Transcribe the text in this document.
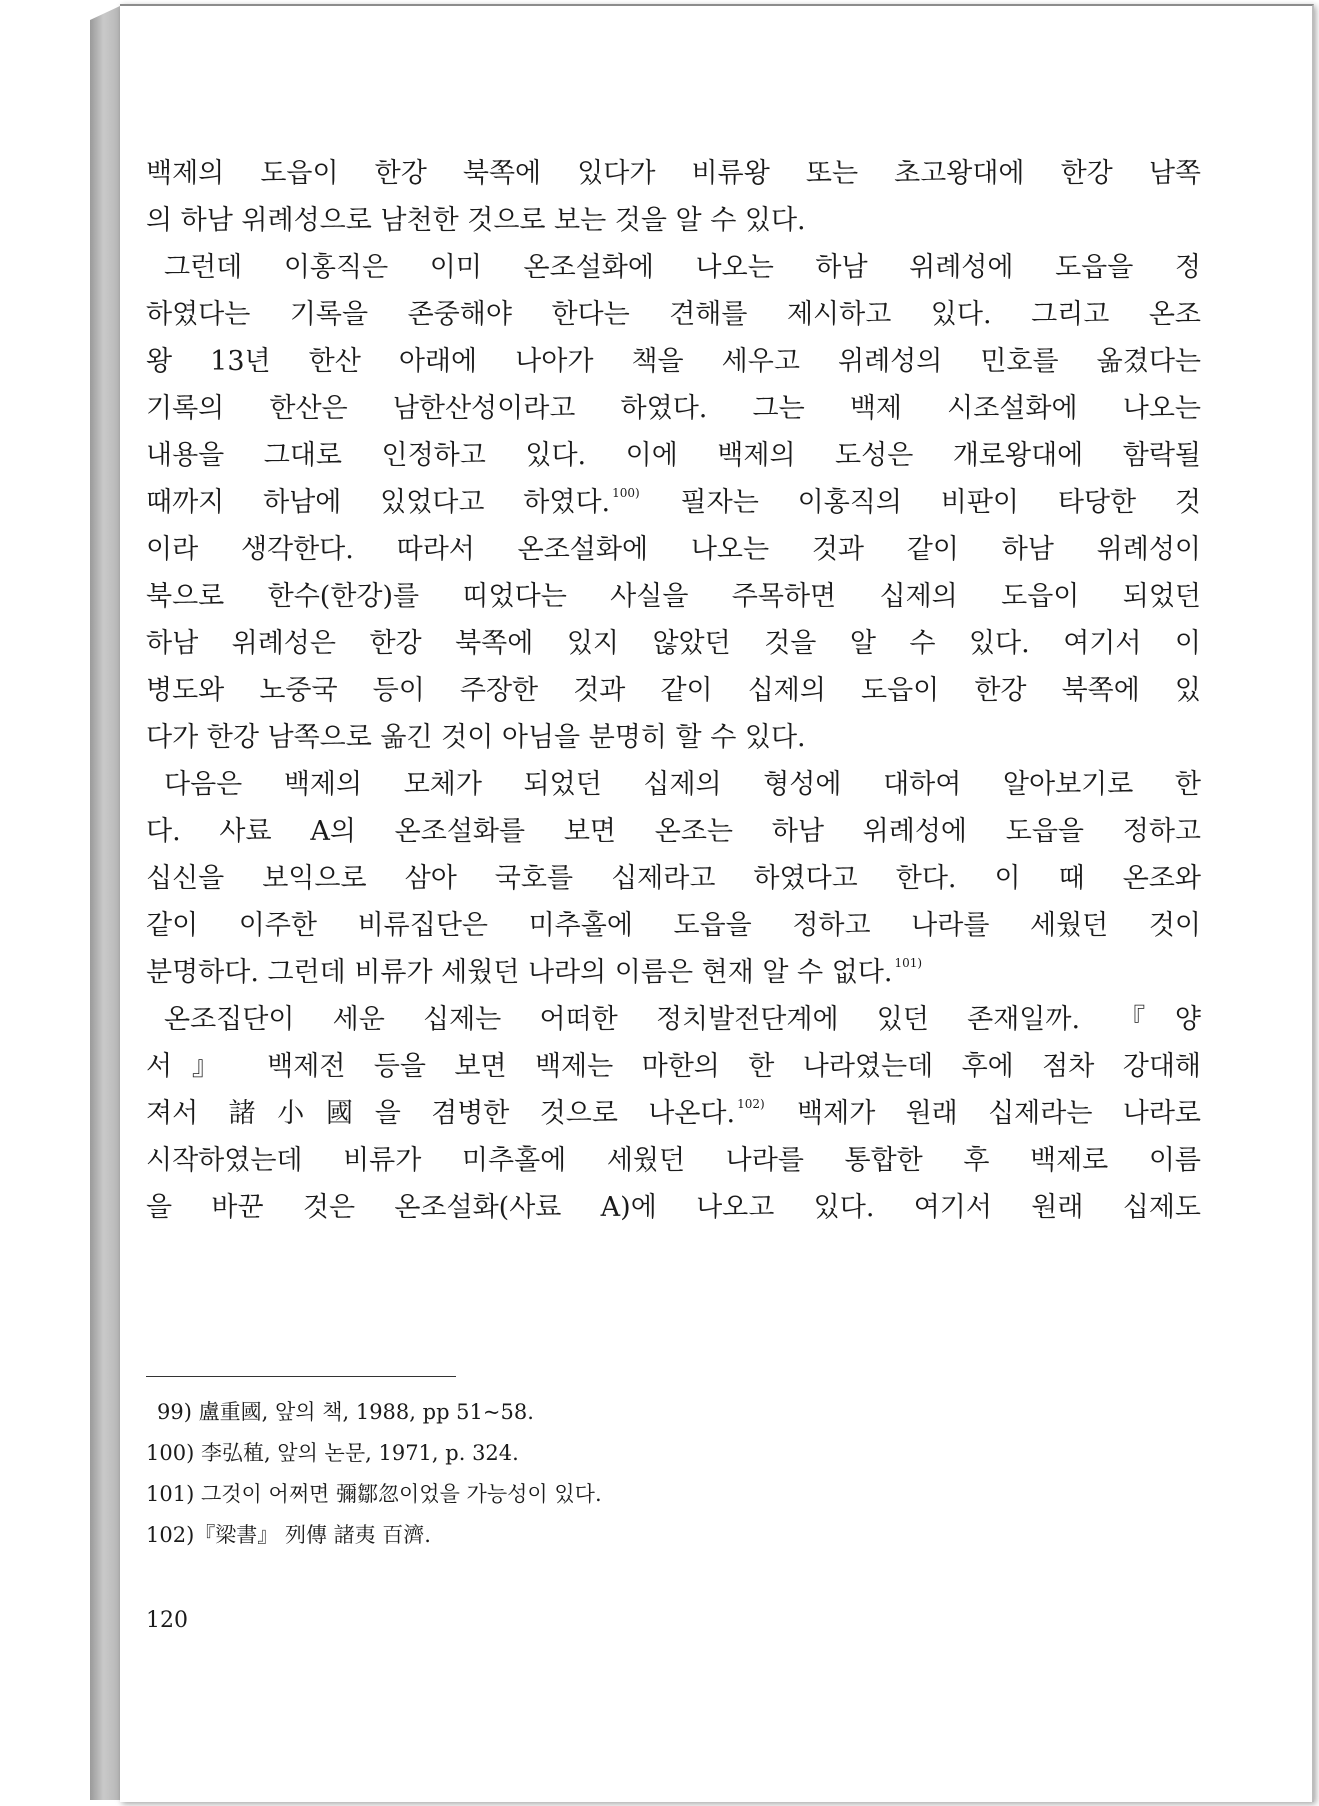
백제의 도읍이 한강 북쪽에 있다가 비류왕 또는 초고왕대에 한강 남쪽
의 하남 위례성으로 남천한 것으로 보는 것을 알 수 있다.
그런데 이홍직은 이미 온조설화에 나오는 하남 위례성에 도읍을 정
하였다는 기록을 존중해야 한다는 견해를 제시하고 있다. 그리고 온조
왕 13년 한산 아래에 나아가 책을 세우고 위례성의 민호를 옮겼다는
기록의 한산은 남한산성이라고 하였다. 그는 백제 시조설화에 나오는
내용을 그대로 인정하고 있다. 이에 백제의 도성은 개로왕대에 함락될
때까지 하남에 있었다고 하였다. $^{100)}$ 필자는 이홍직의 비판이 타당한 것
이라 생각한다. 따라서 온조설화에 나오는 것과 같이 하남 위례성이
북으로 한수(한강)를 띠었다는 사실을 주목하면 십제의 도읍이 되었던
하남 위례성은 한강 북쪽에 있지 않았던 것을 알 수 있다. 여기서 이
병도와 노중국 등이 주장한 것과 같이 십제의 도읍이 한강 북쪽에 있
다가 한강 남쪽으로 옮긴 것이 아님을 분명히 할 수 있다.
다음은 백제의 모체가 되었던 십제의 형성에 대하여 알아보기로 한
다. 사료 A의 온조설화를 보면 온조는 하남 위례성에 도읍을 정하고
십신을 보익으로 삼아 국호를 십제라고 하였다고 한다. 이 때 온조와
같이 이주한 비류집단은 미추홀에 도읍을 정하고 나라를 세웠던 것이
분명하다. 그런데 비류가 세웠던 나라의 이름은 현재 알 수 없다. $^{101)}$
온조집단이 세운 십제는 어떠한 정치발전단계에 있던 존재일까. 『양
서』 백제전 등을 보면 백제는 마한의 한 나라였는데 후에 점차 강대해
져서 諸小國을 겸병한 것으로 나온다. $^{102)}$ 백제가 원래 십제라는 나라로
시작하였는데 비류가 미추홀에 세웠던 나라를 통합한 후 백제로 이름
을 바꾼 것은 온조설화(사료 A)에 나오고 있다. 여기서 원래 십제도
99) 盧重國, 앞의 책, 1988, pp 51~58.
100) 李弘稙, 앞의 논문, 1971, p. 324.
101) 그것이 어쩌면 彌鄒忽이었을 가능성이 있다.
102)『梁書』 列傳 諸夷 百濟.
120
